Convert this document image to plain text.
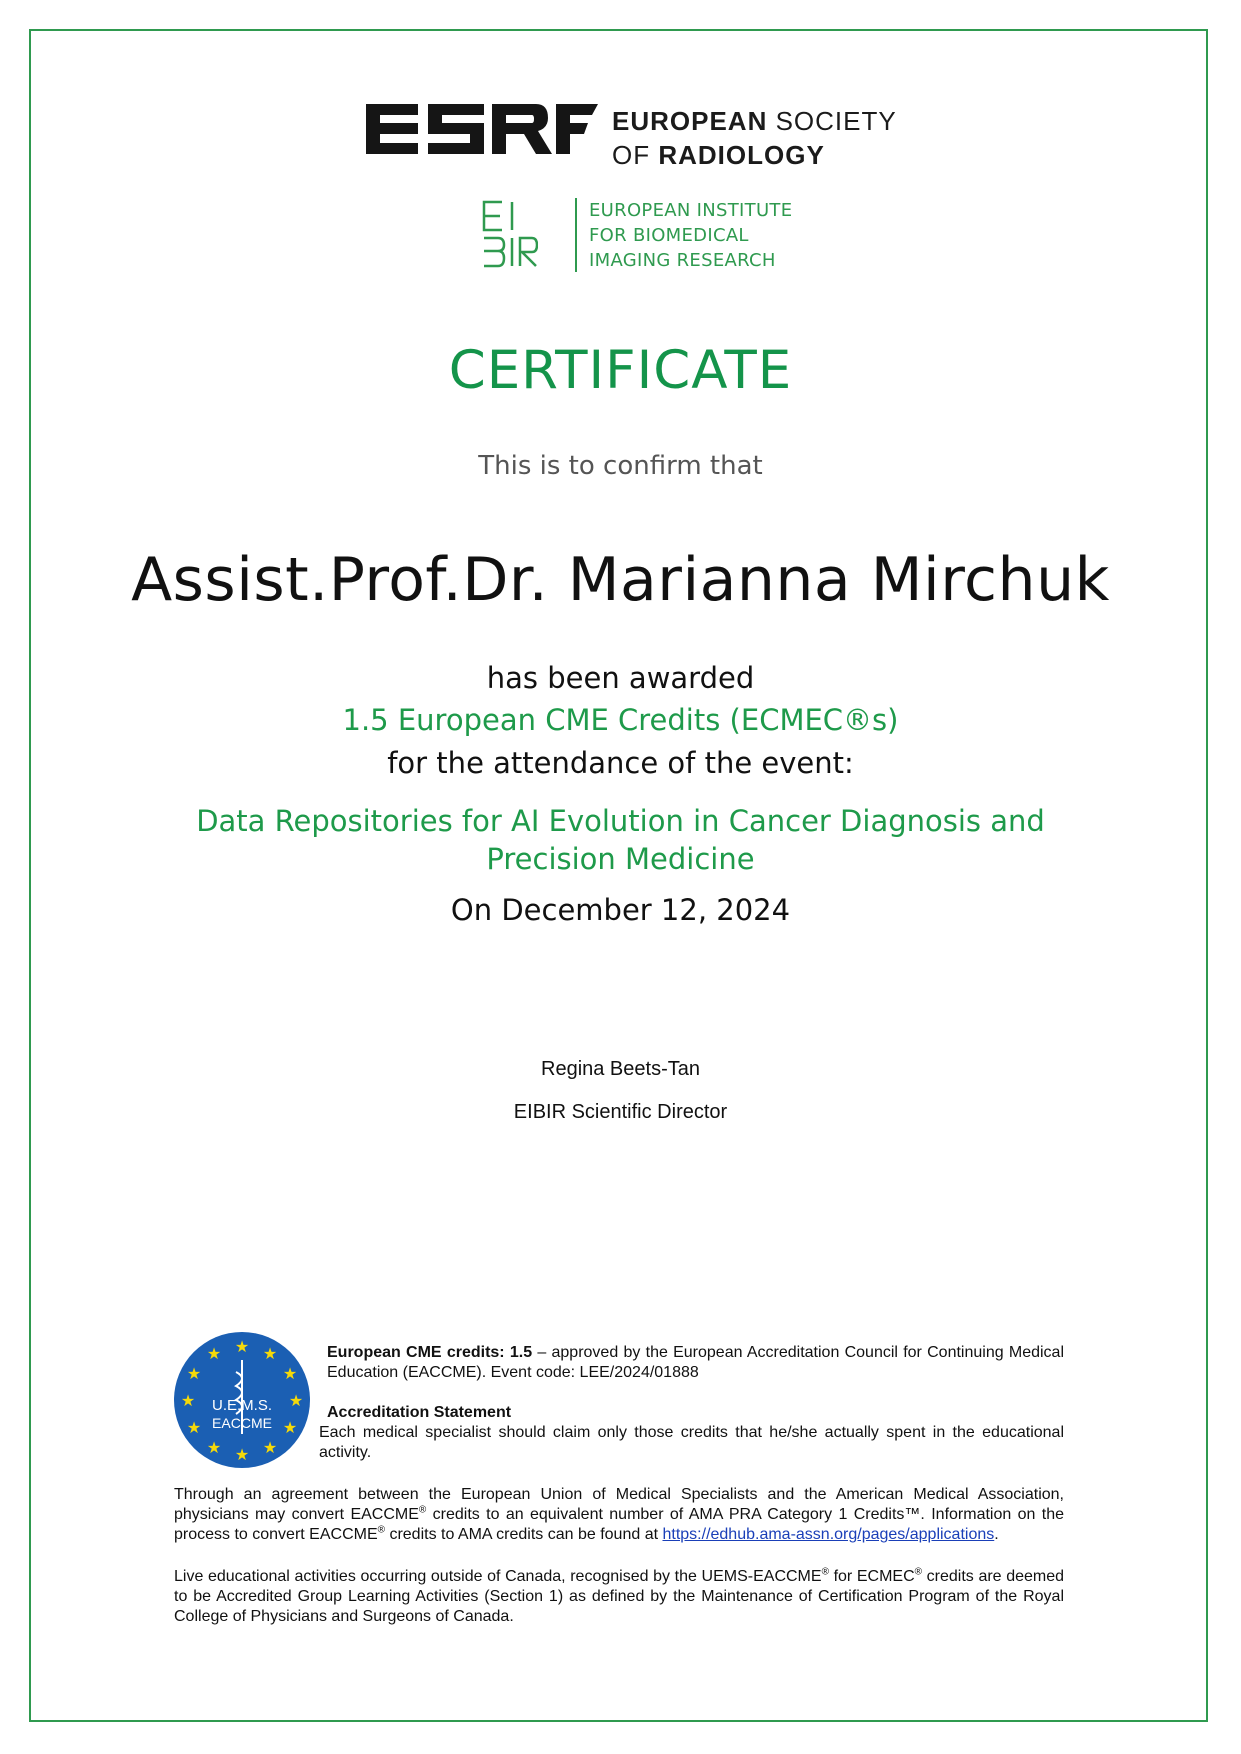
EUROPEAN SOCIETY
OF RADIOLOGY
EUROPEAN INSTITUTE
FOR BIOMEDICAL
IMAGING RESEARCH
CERTIFICATE
This is to confirm that
Assist.Prof.Dr. Marianna Mirchuk
has been awarded
1.5 European CME Credits (ECMEC®s)
for the attendance of the event:
Data Repositories for AI Evolution in Cancer Diagnosis and
Precision Medicine
On December 12, 2024
Regina Beets-Tan
EIBIR Scientific Director
★ ★
★
★
★
★
★
★
★
★
★
★
U.E.M.S.
EACCME
European CME credits: 1.5 – approved by the European Accreditation Council for Continuing Medical Education (EACCME). Event code: LEE/2024/01888
Accreditation Statement
Each medical specialist should claim only those credits that he/she actually spent in the educational activity.
Through an agreement between the European Union of Medical Specialists and the American Medical Association, physicians may convert EACCME® credits to an equivalent number of AMA PRA Category 1 Credits™. Information on the process to convert EACCME® credits to AMA credits can be found at https://edhub.ama-assn.org/pages/applications.
Live educational activities occurring outside of Canada, recognised by the UEMS-EACCME® for ECMEC® credits are deemed to be Accredited Group Learning Activities (Section 1) as defined by the Maintenance of Certification Program of the Royal College of Physicians and Surgeons of Canada.
